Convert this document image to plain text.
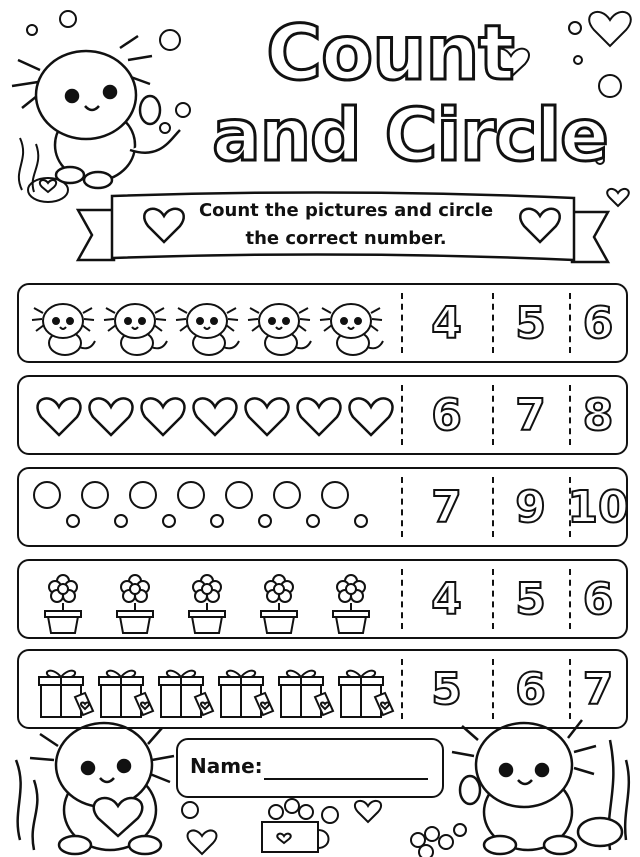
Count
and Circle
Count the pictures and circle
the correct number.
4	5 6
6	7 8
7	9 10
4	5 6
5	6 7
Name:
